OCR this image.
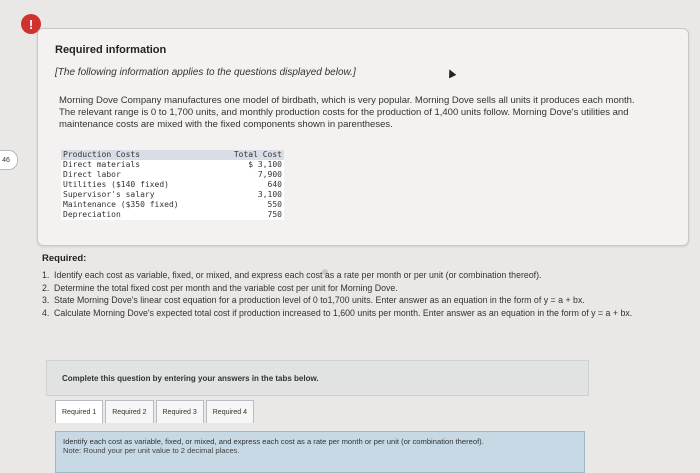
!
46
Required information
[The following information applies to the questions displayed below.]
Morning Dove Company manufactures one model of birdbath, which is very popular. Morning Dove sells all units it produces each month. The relevant range is 0 to 1,700 units, and monthly production costs for the production of 1,400 units follow. Morning Dove's utilities and maintenance costs are mixed with the fixed components shown in parentheses.
Production Costs	Total Cost
Direct materials	$ 3,100
Direct labor	7,900
Utilities ($140 fixed)	640
Supervisor's salary	3,100
Maintenance ($350 fixed)	550
Depreciation	750
Required:
1. Identify each cost as variable, fixed, or mixed, and express each cost as a rate per month or per unit (or combination thereof).
2. Determine the total fixed cost per month and the variable cost per unit for Morning Dove.
3. State Morning Dove's linear cost equation for a production level of 0 to1,700 units. Enter answer as an equation in the form of y = a + bx.
4. Calculate Morning Dove's expected total cost if production increased to 1,600 units per month. Enter answer as an equation in the form of y = a + bx.
Complete this question by entering your answers in the tabs below.
Required 1	Required 2	Required 3	Required 4
Identify each cost as variable, fixed, or mixed, and express each cost as a rate per month or per unit (or combination thereof).
Note: Round your per unit value to 2 decimal places.
